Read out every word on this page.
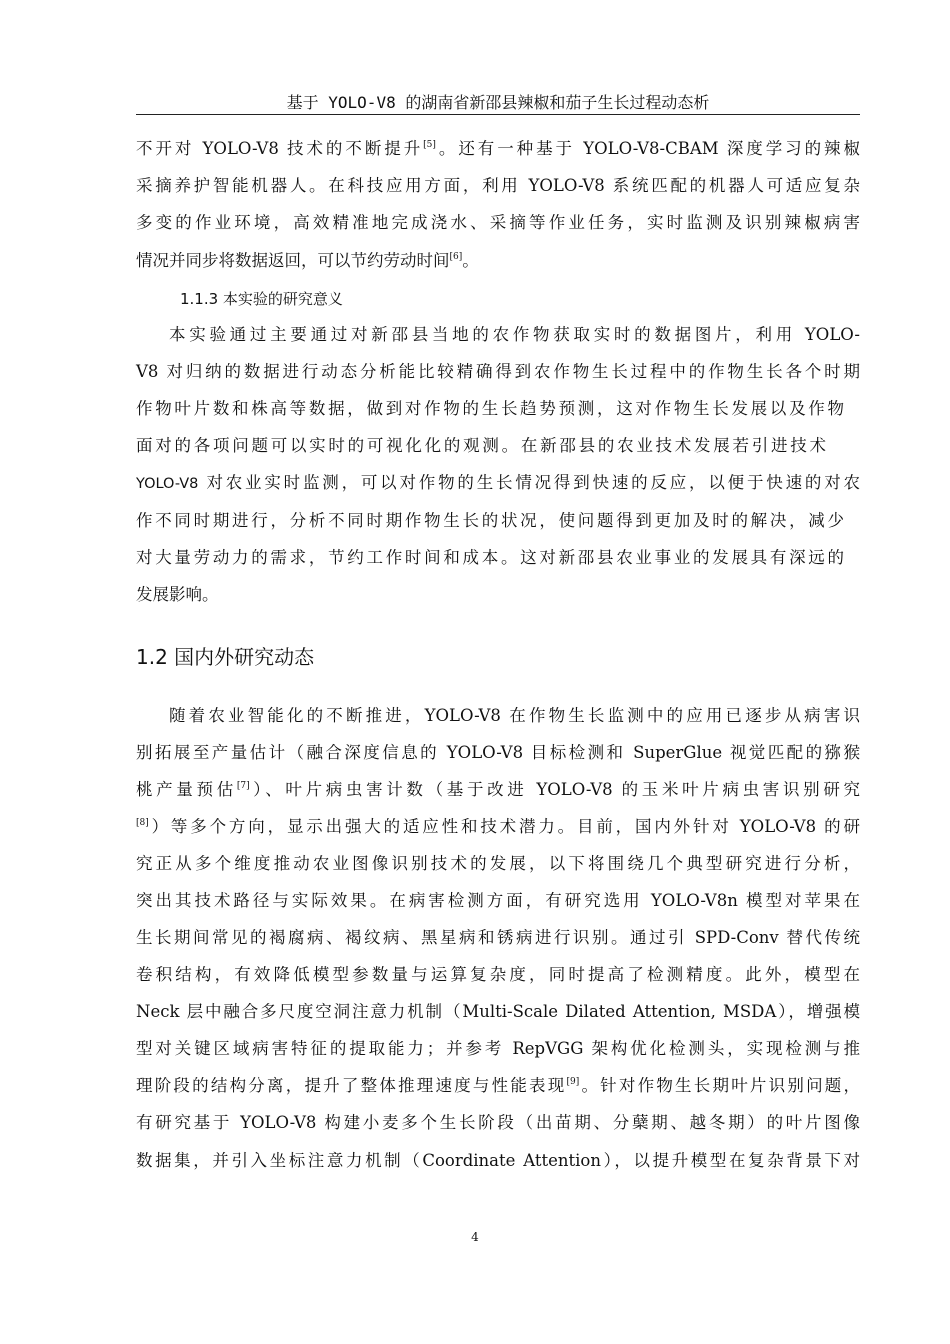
基于 YOLO-V8 的湖南省新邵县辣椒和茄子生长过程动态析
不开对 YOLO-V8 技术的不断提升[5]。还有一种基于 YOLO-V8-CBAM 深度学习的辣椒
采摘养护智能机器人。在科技应用方面，利用 YOLO-V8 系统匹配的机器人可适应复杂
多变的作业环境，高效精准地完成浇水、采摘等作业任务，实时监测及识别辣椒病害
情况并同步将数据返回，可以节约劳动时间[6]。
1.1.3 本实验的研究意义
本实验通过主要通过对新邵县当地的农作物获取实时的数据图片，利用 YOLO-
V8 对归纳的数据进行动态分析能比较精确得到农作物生长过程中的作物生长各个时期
作物叶片数和株高等数据，做到对作物的生长趋势预测，这对作物生长发展以及作物
面对的各项问题可以实时的可视化化的观测。在新邵县的农业技术发展若引进技术
YOLO-V8 对农业实时监测，可以对作物的生长情况得到快速的反应，以便于快速的对农
作不同时期进行，分析不同时期作物生长的状况，使问题得到更加及时的解决，减少
对大量劳动力的需求，节约工作时间和成本。这对新邵县农业事业的发展具有深远的
发展影响。
1.2 国内外研究动态
随着农业智能化的不断推进，YOLO-V8 在作物生长监测中的应用已逐步从病害识
别拓展至产量估计（融合深度信息的 YOLO-V8 目标检测和 SuperGlue 视觉匹配的猕猴
桃产量预估[7]）、叶片病虫害计数（基于改进 YOLO-V8 的玉米叶片病虫害识别研究
[8]）等多个方向，显示出强大的适应性和技术潜力。目前，国内外针对 YOLO-V8 的研
究正从多个维度推动农业图像识别技术的发展，以下将围绕几个典型研究进行分析，
突出其技术路径与实际效果。在病害检测方面，有研究选用 YOLO-V8n 模型对苹果在
生长期间常见的褐腐病、褐纹病、黑星病和锈病进行识别。通过引 SPD-Conv 替代传统
卷积结构，有效降低模型参数量与运算复杂度，同时提高了检测精度。此外，模型在
Neck 层中融合多尺度空洞注意力机制（Multi-Scale Dilated Attention, MSDA），增强模
型对关键区域病害特征的提取能力；并参考 RepVGG 架构优化检测头，实现检测与推
理阶段的结构分离，提升了整体推理速度与性能表现[9]。针对作物生长期叶片识别问题，
有研究基于 YOLO-V8 构建小麦多个生长阶段（出苗期、分蘖期、越冬期）的叶片图像
数据集，并引入坐标注意力机制（Coordinate Attention），以提升模型在复杂背景下对
4
